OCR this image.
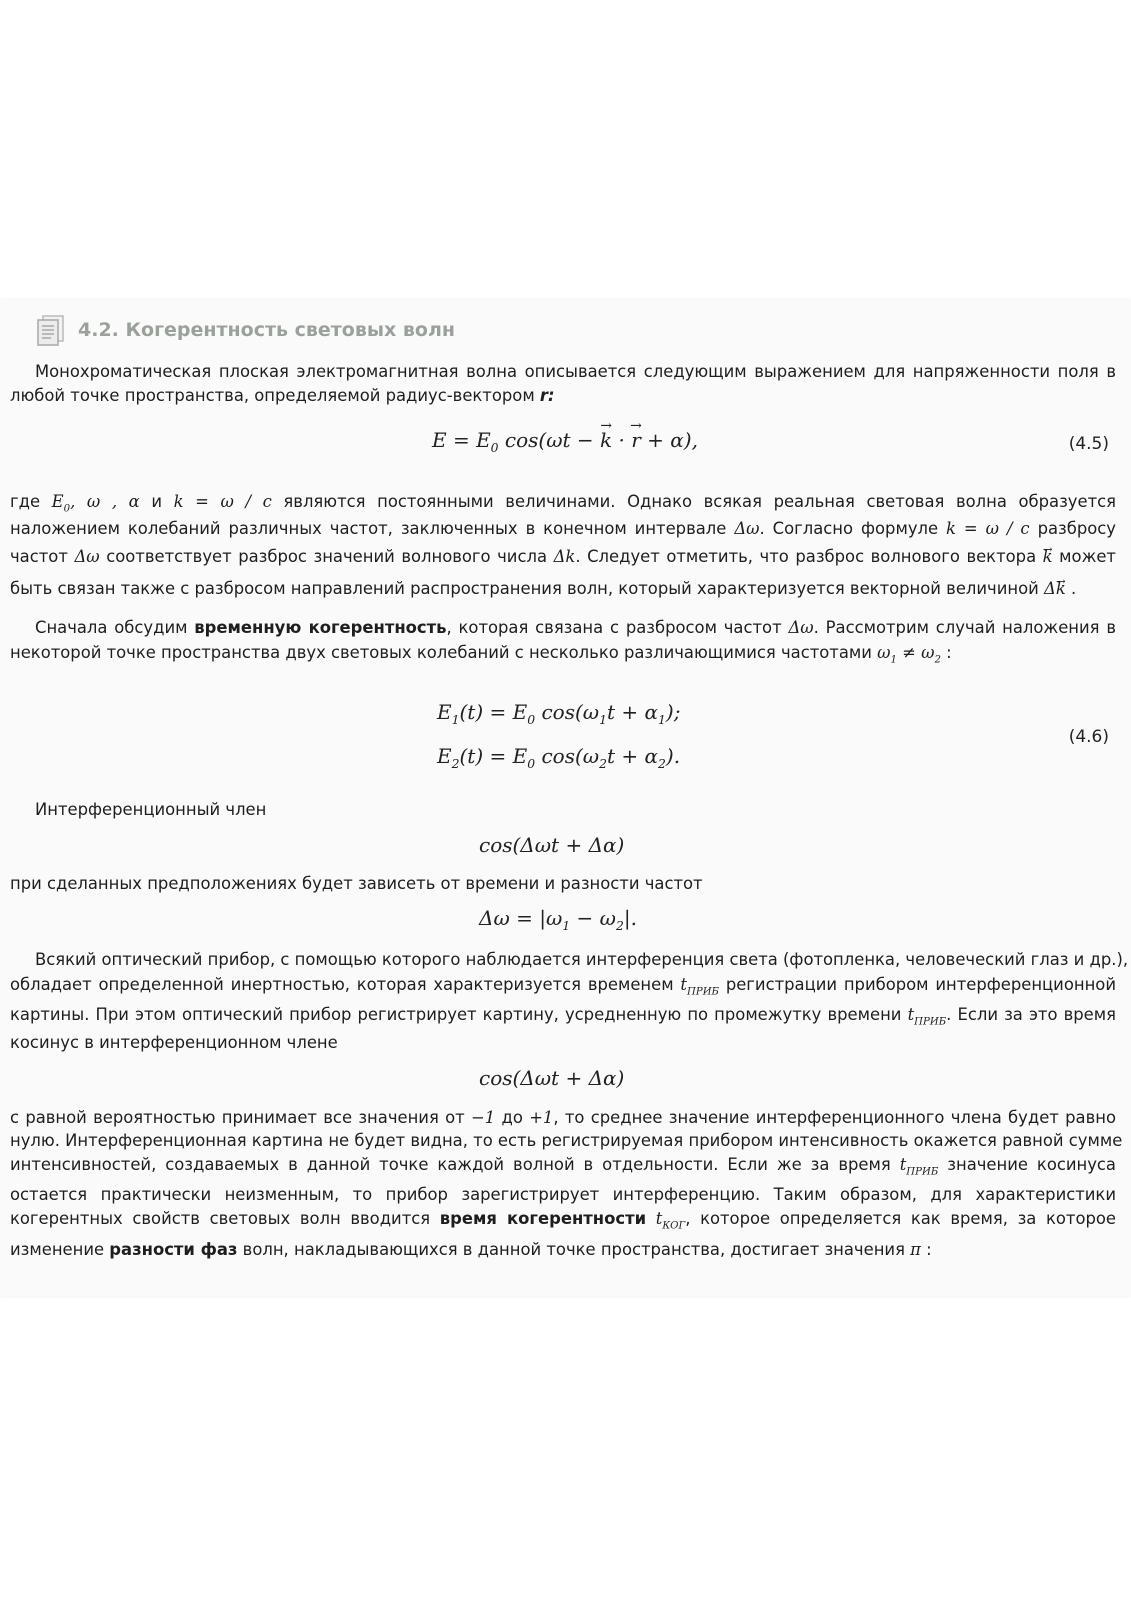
4.2. Когерентность световых волн
Монохроматическая плоская электромагнитная волна описывается следующим выражением для напряженности поля в
любой точке пространства, определяемой радиус-вектором r:
$E = E_0$ cos(ωt − → k · → r + α),	(4.5)
где $E_0$, ω , α и k = ω / c являются постоянными величинами. Однако всякая реальная световая волна образуется
наложением колебаний различных частот, заключенных в конечном интервале Δω. Согласно формуле k = ω / c разбросу
частот Δω соответствует разброс значений волнового числа Δk. Следует отметить, что разброс волнового вектора → k может
быть связан также с разбросом направлений распространения волн, который характеризуется векторной величиной Δ→ k .
Сначала обсудим временную когерентность, которая связана с разбросом частот Δω. Рассмотрим случай наложения в
некоторой точке пространства двух световых колебаний с несколько различающимися частотами $\omega_1 \ne \omega_2$ :
$E_1(t) = E_0$ $\cos(\omega_1t + \alpha_1)$;
$E_2(t) = E_0$ $\cos(\omega_2t + \alpha_2)$.
(4.6)
Интерференционный член
cos(Δωt + Δα)
при сделанных предположениях будет зависеть от времени и разности частот
$\Delta\omega = |\omega_1 - \omega_2|$.
Всякий оптический прибор, с помощью которого наблюдается интерференция света (фотопленка, человеческий глаз и др.),
обладает определенной инертностью, которая характеризуется временем $t_{ПРИБ}$ регистрации прибором интерференционной
картины. При этом оптический прибор регистрирует картину, усредненную по промежутку времени $t_{ПРИБ}$. Если за это время
косинус в интерференционном члене
cos(Δωt + Δα)
с равной вероятностью принимает все значения от −1 до +1, то среднее значение интерференционного члена будет равно
нулю. Интерференционная картина не будет видна, то есть регистрируемая прибором интенсивность окажется равной сумме
интенсивностей, создаваемых в данной точке каждой волной в отдельности. Если же за время $t_{ПРИБ}$ значение косинуса
остается практически неизменным, то прибор зарегистрирует интерференцию. Таким образом, для характеристики
когерентных свойств световых волн вводится время когерентности $t_{КОГ}$, которое определяется как время, за которое
изменение разности фаз волн, накладывающихся в данной точке пространства, достигает значения π :
